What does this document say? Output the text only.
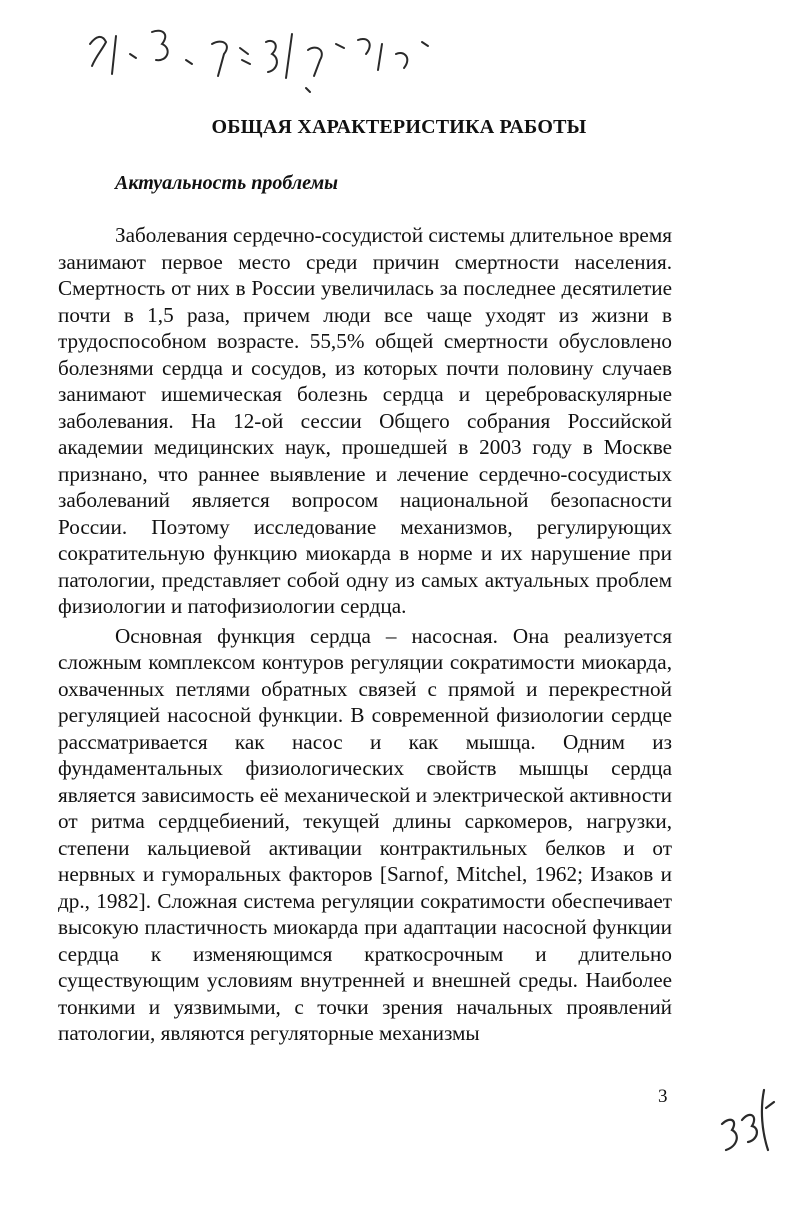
ОБЩАЯ ХАРАКТЕРИСТИКА РАБОТЫ
Актуальность проблемы

Заболевания сердечно-сосудистой системы длительное время занимают первое место среди причин смертности населения. Смертность от них в России увеличилась за последнее десятилетие почти в 1,5 раза, причем люди все чаще уходят из жизни в трудоспособном возрасте. 55,5% общей смертности обусловлено болезнями сердца и сосудов, из которых почти половину случаев занимают ишемическая болезнь сердца и цереброваскулярные заболевания. На 12-ой сессии Общего собрания Российской академии медицинских наук, прошедшей в 2003 году в Москве признано, что раннее выявление и лечение сердечно-сосудистых заболеваний является вопросом национальной безопасности России. Поэтому исследование механизмов, регулирующих сократительную функцию миокарда в норме и их нарушение при патологии, представляет собой одну из самых актуальных проблем физиологии и патофизиологии сердца.

Основная функция сердца – насосная. Она реализуется сложным комплексом контуров регуляции сократимости миокарда, охваченных петлями обратных связей с прямой и перекрестной регуляцией насосной функции. В современной физиологии сердце рассматривается как насос и как мышца. Одним из фундаментальных физиологических свойств мышцы сердца является зависимость её механической и электрической активности от ритма сердцебиений, текущей длины саркомеров, нагрузки, степени кальциевой активации контрактильных белков и от нервных и гуморальных факторов [Sarnof, Mitchel, 1962; Изаков и др., 1982]. Сложная система регуляции сократимости обеспечивает высокую пластичность миокарда при адаптации насосной функции сердца к изменяющимся краткосрочным и длительно существующим условиям внутренней и внешней среды. Наиболее тонкими и уязвимыми, с точки зрения начальных проявлений патологии, являются регуляторные механизмы

3
